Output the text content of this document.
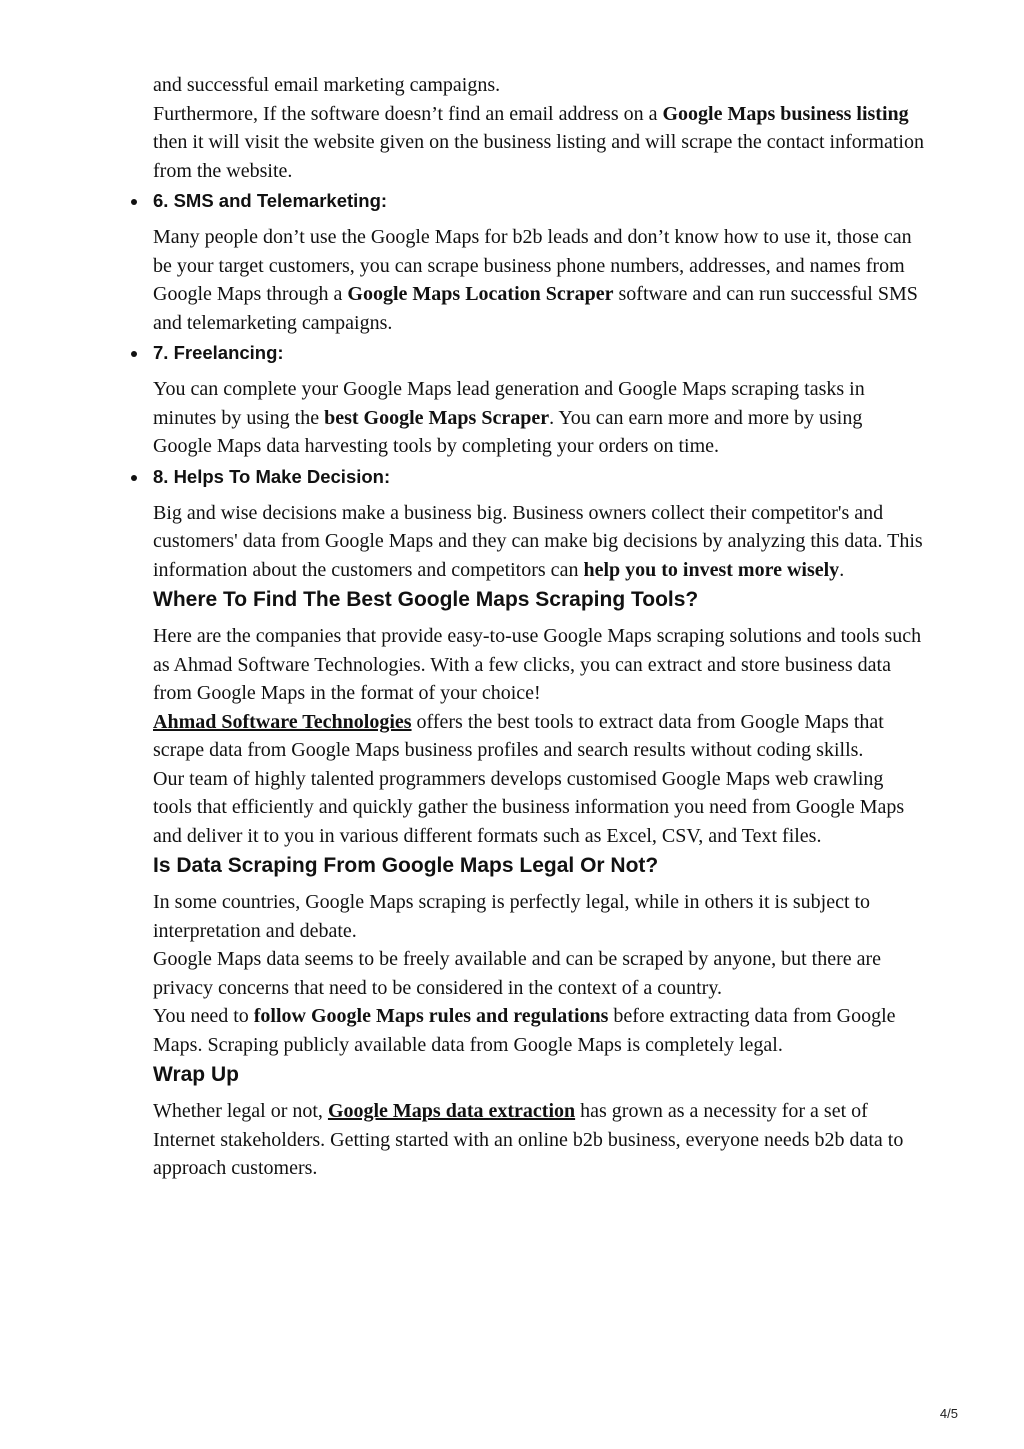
and successful email marketing campaigns.

Furthermore, If the software doesn’t find an email address on a Google Maps business listing then it will visit the website given on the business listing and will scrape the contact information from the website.

6. SMS and Telemarketing:

Many people don’t use the Google Maps for b2b leads and don’t know how to use it, those can be your target customers, you can scrape business phone numbers, addresses, and names from Google Maps through a Google Maps Location Scraper software and can run successful SMS and telemarketing campaigns.

7. Freelancing:

You can complete your Google Maps lead generation and Google Maps scraping tasks in minutes by using the best Google Maps Scraper. You can earn more and more by using Google Maps data harvesting tools by completing your orders on time.

8. Helps To Make Decision:

Big and wise decisions make a business big. Business owners collect their competitor's and customers' data from Google Maps and they can make big decisions by analyzing this data. This information about the customers and competitors can help you to invest more wisely.

Where To Find The Best Google Maps Scraping Tools?

Here are the companies that provide easy-to-use Google Maps scraping solutions and tools such as Ahmad Software Technologies. With a few clicks, you can extract and store business data from Google Maps in the format of your choice!

Ahmad Software Technologies offers the best tools to extract data from Google Maps that scrape data from Google Maps business profiles and search results without coding skills.

Our team of highly talented programmers develops customised Google Maps web crawling tools that efficiently and quickly gather the business information you need from Google Maps and deliver it to you in various different formats such as Excel, CSV, and Text files.

Is Data Scraping From Google Maps Legal Or Not?

In some countries, Google Maps scraping is perfectly legal, while in others it is subject to interpretation and debate.

Google Maps data seems to be freely available and can be scraped by anyone, but there are privacy concerns that need to be considered in the context of a country.

You need to follow Google Maps rules and regulations before extracting data from Google Maps. Scraping publicly available data from Google Maps is completely legal.

Wrap Up

Whether legal or not, Google Maps data extraction has grown as a necessity for a set of Internet stakeholders. Getting started with an online b2b business, everyone needs b2b data to approach customers.

4/5
